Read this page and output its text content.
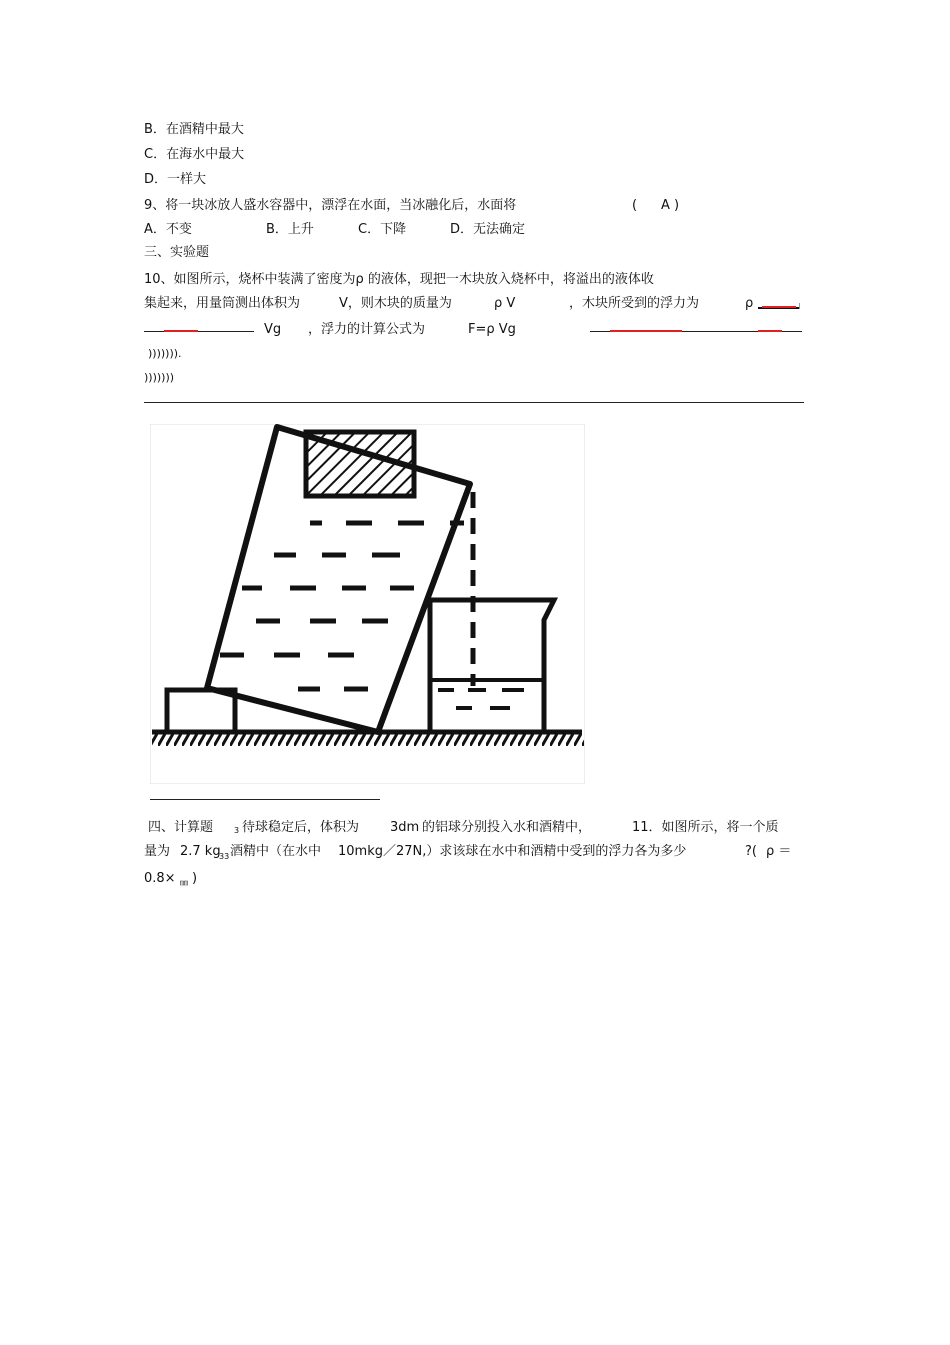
B．在酒精中最大
C．在海水中最大
D．一样大
9、将一块冰放人盛水容器中，漂浮在水面，当冰融化后，水面将	( A )
A．不变	B．上升	C．下降	D．无法确定
三、实验题
10、如图所示，烧杯中装满了密度为ρ 的液体，现把一木块放入烧杯中，将溢出的液体收
集起来，用量筒测出体积为	V，则木块的质量为	ρ V	，木块所受到的浮力为	ρ
Vg ，浮力的计算公式为	F=ρ Vg
))))))).
)))))))
四、计算题	3 待球稳定后，体积为 3dm 的铝球分别投入水和酒精中，	11．如图所示，将一个质
量为 2.7 kg
33 酒精中（在水中 10mkg／27N,）求该球在水中和酒精中受到的浮力各为多少	?( ρ ＝
0.8× ㎜ )
